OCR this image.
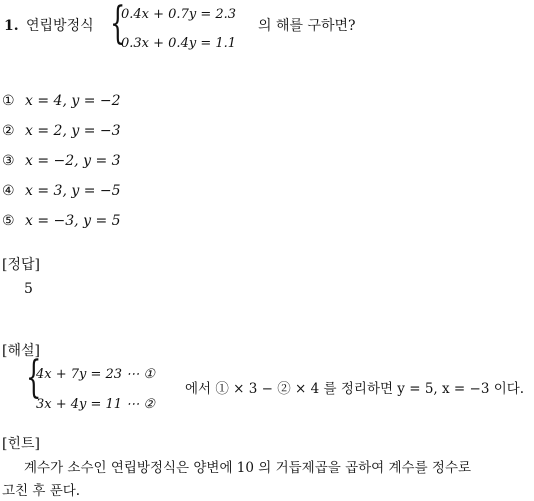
1. 연립방정식 {
0.4x + 0.7y = 2.3
0.3x + 0.4y = 1.1
의 해를 구하면?
① x = 4, y = −2
② x = 2, y = −3
③ x = −2, y = 3
④ x = 3, y = −5
⑤ x = −3, y = 5
[정답]
5
[해설]
{
4x + 7y = 23 ⋯ ①
3x + 4y = 11 ⋯ ②
에서 ① × 3 − ② × 4 를 정리하면 y = 5, x = −3 이다.
[힌트]
계수가 소수인 연립방정식은 양변에 10 의 거듭제곱을 곱하여 계수를 정수로
고친 후 푼다.
